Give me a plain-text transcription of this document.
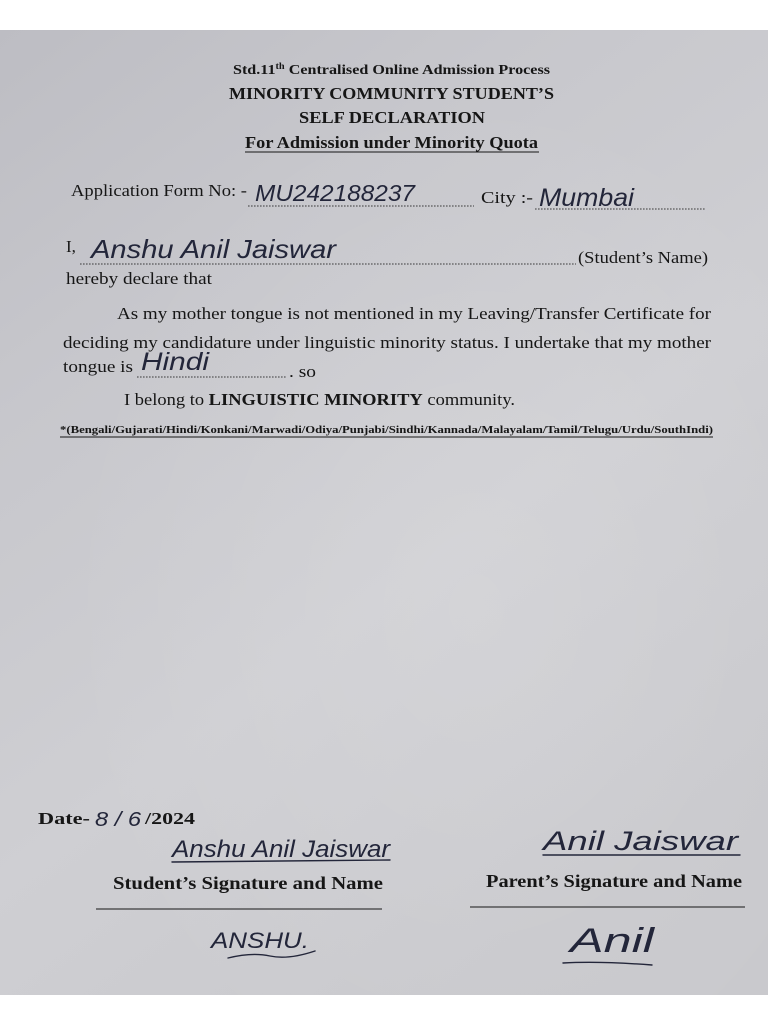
Std.11 $^{th}$ Centralised Online Admission Process
MINORITY COMMUNITY STUDENT’S
SELF DECLARATION
For Admission under Minority Quota
Application Form No: - MU242188237	City :- Mumbai
I, Anshu Anil Jaiswar	(Student’s Name)
hereby declare that
As my mother tongue is not mentioned in my Leaving/Transfer Certificate for
deciding my candidature under linguistic minority status. I undertake that my mother
tongue is Hindi	. so
I belong to LINGUISTIC MINORITY community.
*(Bengali/Gujarati/Hindi/Konkani/Marwadi/Odiya/Punjabi/Sindhi/Kannada/Malayalam/Tamil/Telugu/Urdu/SouthIndi)
Date- 8 / 6 /2024
Anshu Anil Jaiswar
Student’s Signature and Name
ANSHU.
Anil Jaiswar
Parent’s Signature and Name
Anil
